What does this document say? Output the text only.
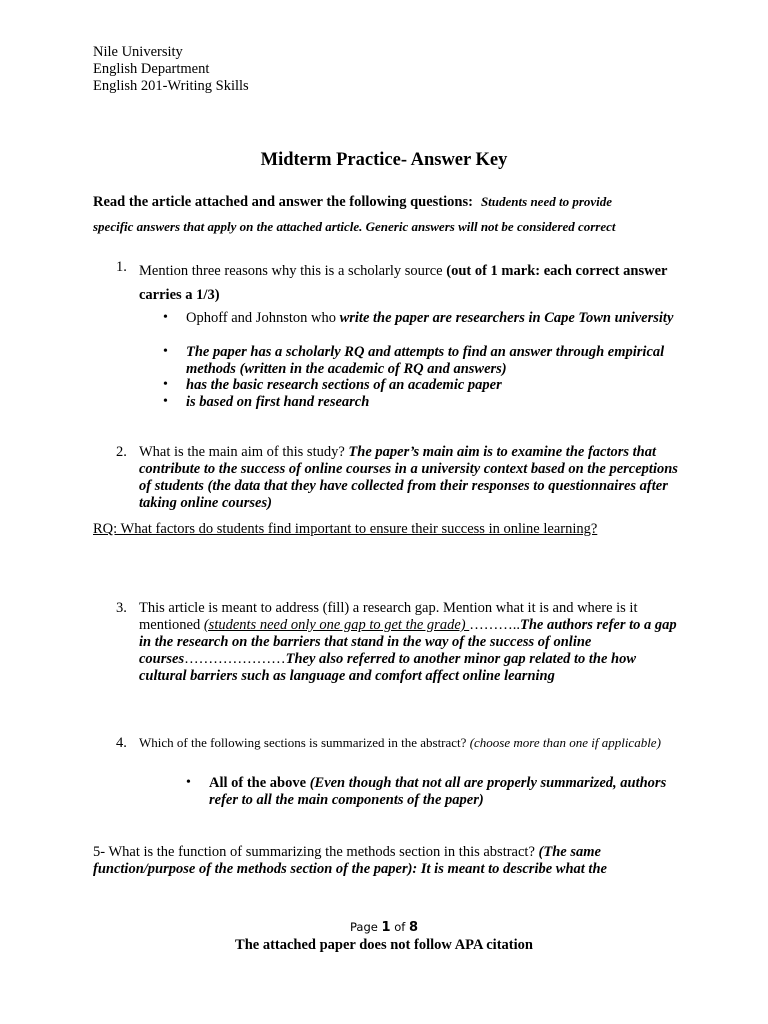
Nile University
English Department
English 201-Writing Skills
Midterm Practice- Answer Key
Read the article attached and answer the following questions: Students need to provide
specific answers that apply on the attached article. Generic answers will not be considered correct
1. Mention three reasons why this is a scholarly source (out of 1 mark: each correct answer carries a 1/3)
• Ophoff and Johnston who write the paper are researchers in Cape Town university
• The paper has a scholarly RQ and attempts to find an answer through empirical methods (written in the academic of RQ and answers)
• has the basic research sections of an academic paper
• is based on first hand research
2. What is the main aim of this study? The paper’s main aim is to examine the factors that contribute to the success of online courses in a university context based on the perceptions of students (the data that they have collected from their responses to questionnaires after taking online courses)
RQ: What factors do students find important to ensure their success in online learning?
3. This article is meant to address (fill) a research gap. Mention what it is and where is it mentioned (students need only one gap to get the grade) ………..The authors refer to a gap in the research on the barriers that stand in the way of the success of online courses…………………They also referred to another minor gap related to the how cultural barriers such as language and comfort affect online learning
4. Which of the following sections is summarized in the abstract? (choose more than one if applicable)
• All of the above (Even though that not all are properly summarized, authors refer to all the main components of the paper)
5- What is the function of summarizing the methods section in this abstract? (The same function/purpose of the methods section of the paper): It is meant to describe what the
Page 1 of 8
The attached paper does not follow APA citation
